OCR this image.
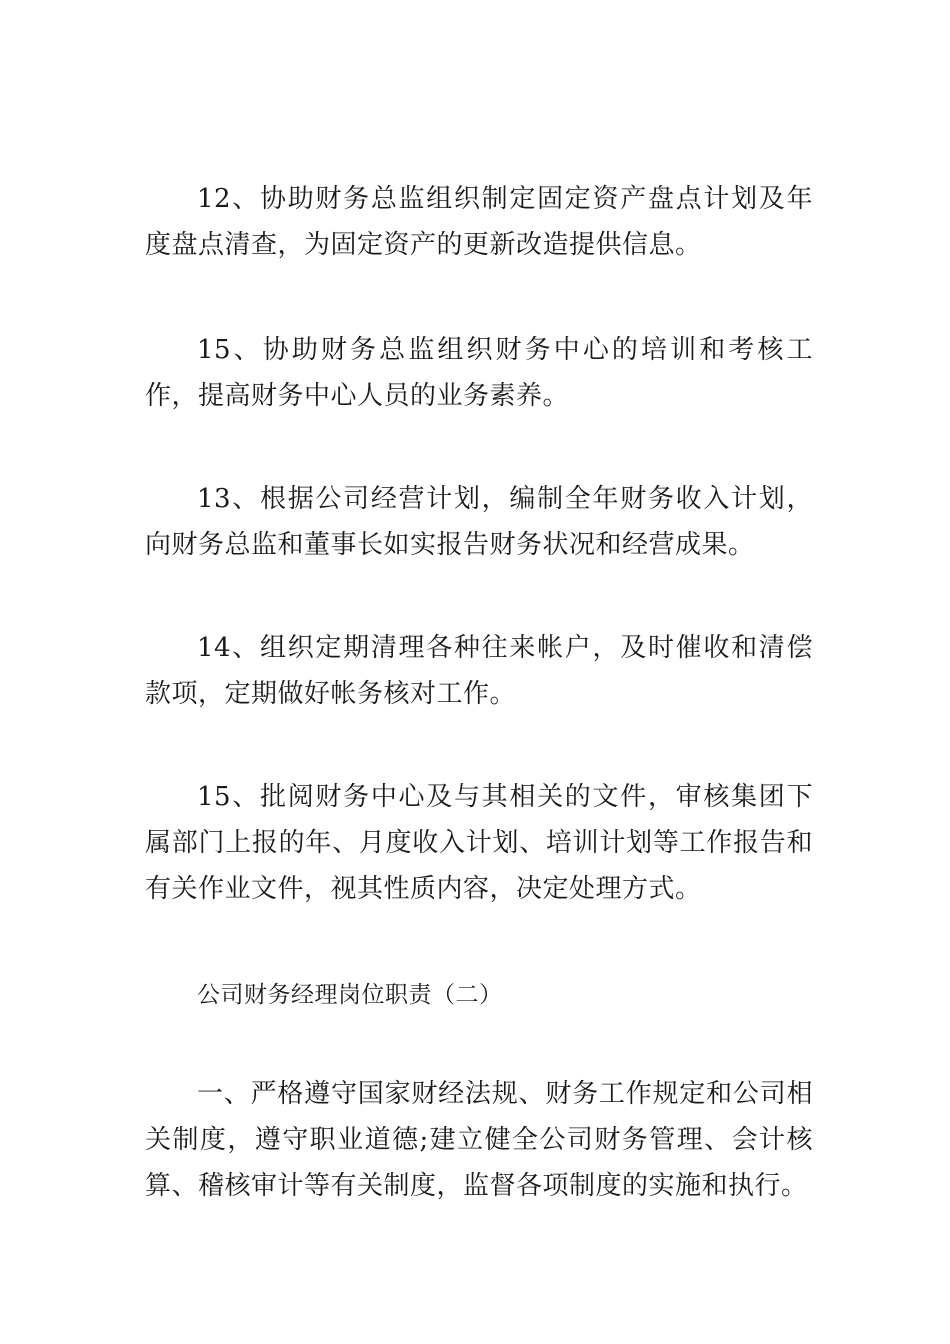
12、协助财务总监组织制定固定资产盘点计划及年度盘点清查，为固定资产的更新改造提供信息。

15、协助财务总监组织财务中心的培训和考核工作，提高财务中心人员的业务素养。

13、根据公司经营计划，编制全年财务收入计划，向财务总监和董事长如实报告财务状况和经营成果。

14、组织定期清理各种往来帐户，及时催收和清偿款项，定期做好帐务核对工作。

15、批阅财务中心及与其相关的文件，审核集团下属部门上报的年、月度收入计划、培训计划等工作报告和有关作业文件，视其性质内容，决定处理方式。

公司财务经理岗位职责（二）

一、严格遵守国家财经法规、财务工作规定和公司相关制度，遵守职业道德;建立健全公司财务管理、会计核算、稽核审计等有关制度，监督各项制度的实施和执行。
